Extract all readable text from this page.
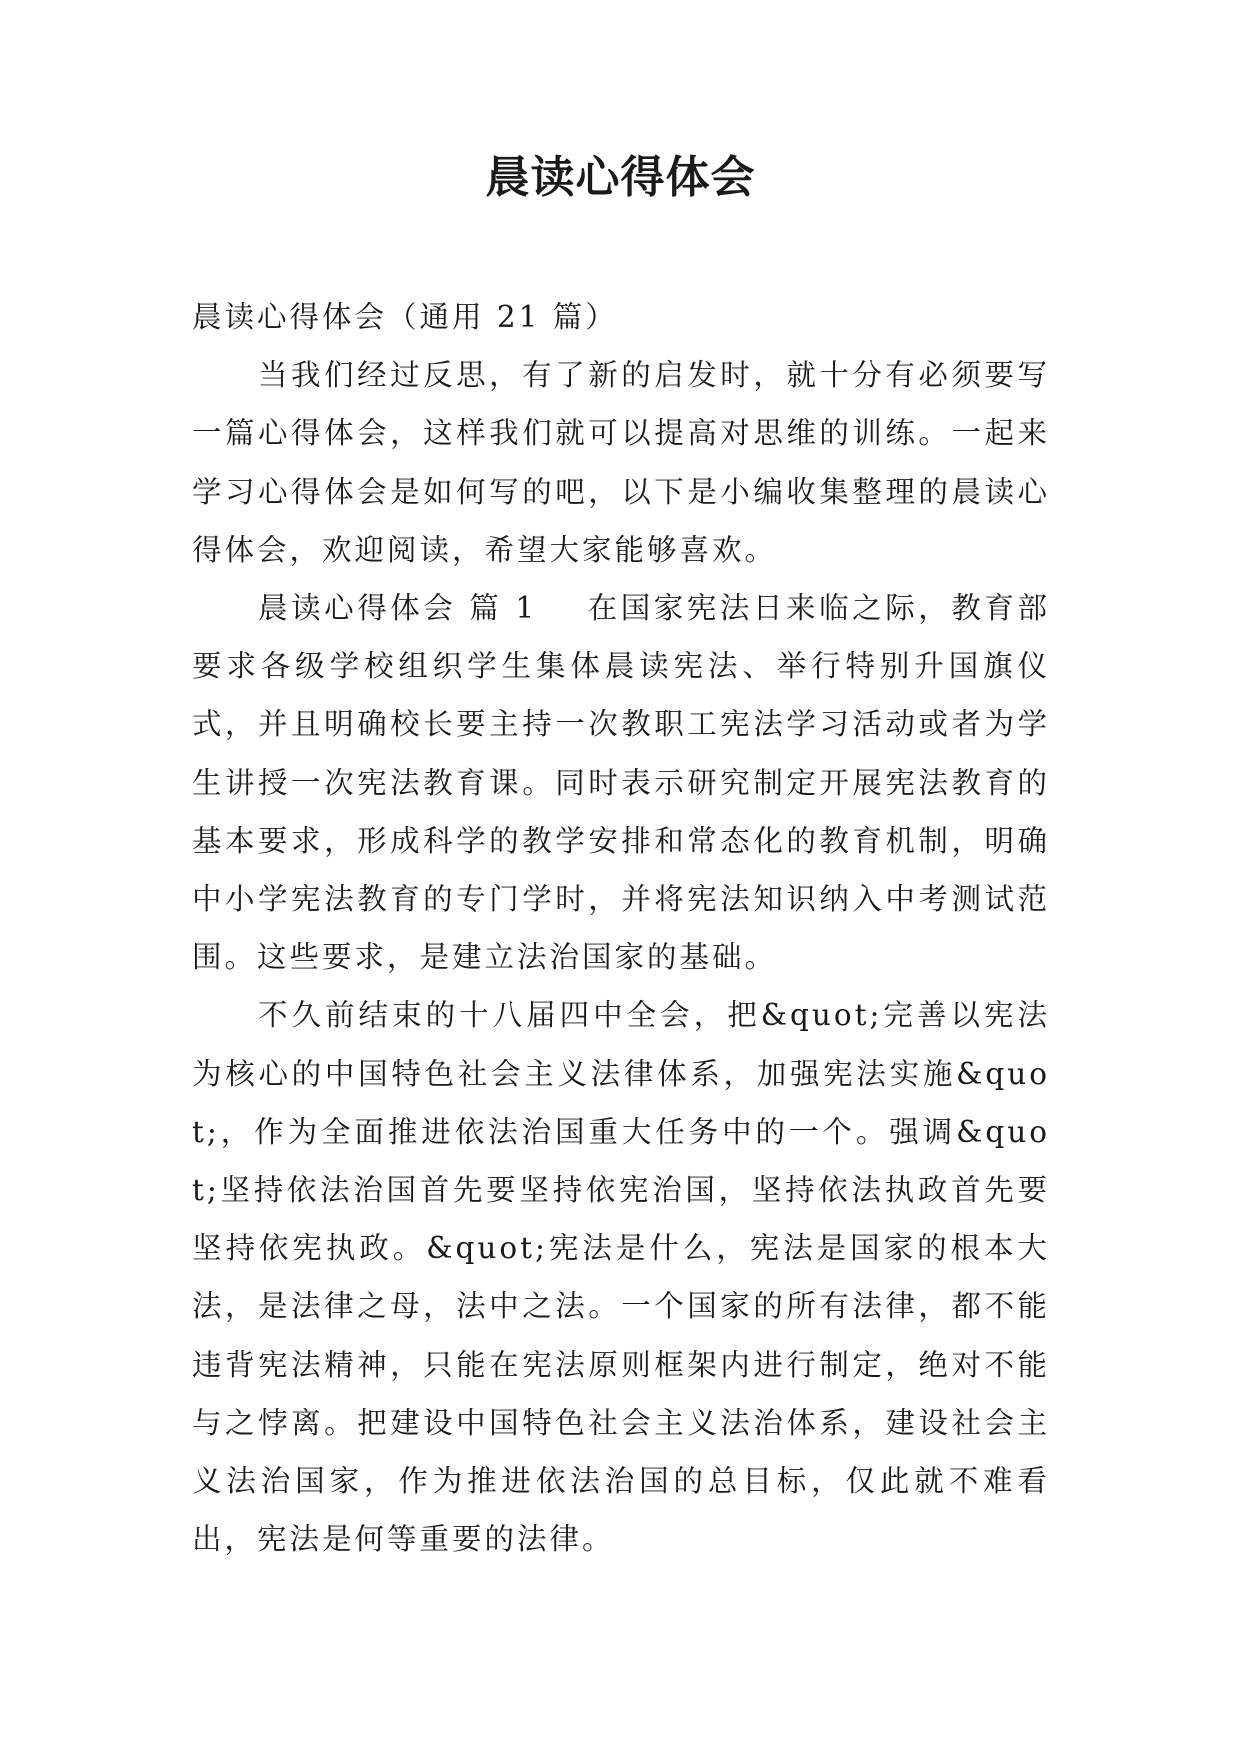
晨读心得体会

晨读心得体会（通用 21 篇）

当我们经过反思，有了新的启发时，就十分有必须要写一篇心得体会，这样我们就可以提高对思维的训练。一起来学习心得体会是如何写的吧，以下是小编收集整理的晨读心得体会，欢迎阅读，希望大家能够喜欢。

晨读心得体会 篇 1 在国家宪法日来临之际，教育部要求各级学校组织学生集体晨读宪法、举行特别升国旗仪式，并且明确校长要主持一次教职工宪法学习活动或者为学生讲授一次宪法教育课。同时表示研究制定开展宪法教育的基本要求，形成科学的教学安排和常态化的教育机制，明确中小学宪法教育的专门学时，并将宪法知识纳入中考测试范围。这些要求，是建立法治国家的基础。

不久前结束的十八届四中全会，把&quot;完善以宪法为核心的中国特色社会主义法律体系，加强宪法实施&quot;，作为全面推进依法治国重大任务中的一个。强调&quot;坚持依法治国首先要坚持依宪治国，坚持依法执政首先要坚持依宪执政。&quot;宪法是什么，宪法是国家的根本大法，是法律之母，法中之法。一个国家的所有法律，都不能违背宪法精神，只能在宪法原则框架内进行制定，绝对不能与之悖离。把建设中国特色社会主义法治体系，建设社会主义法治国家，作为推进依法治国的总目标，仅此就不难看出，宪法是何等重要的法律。
